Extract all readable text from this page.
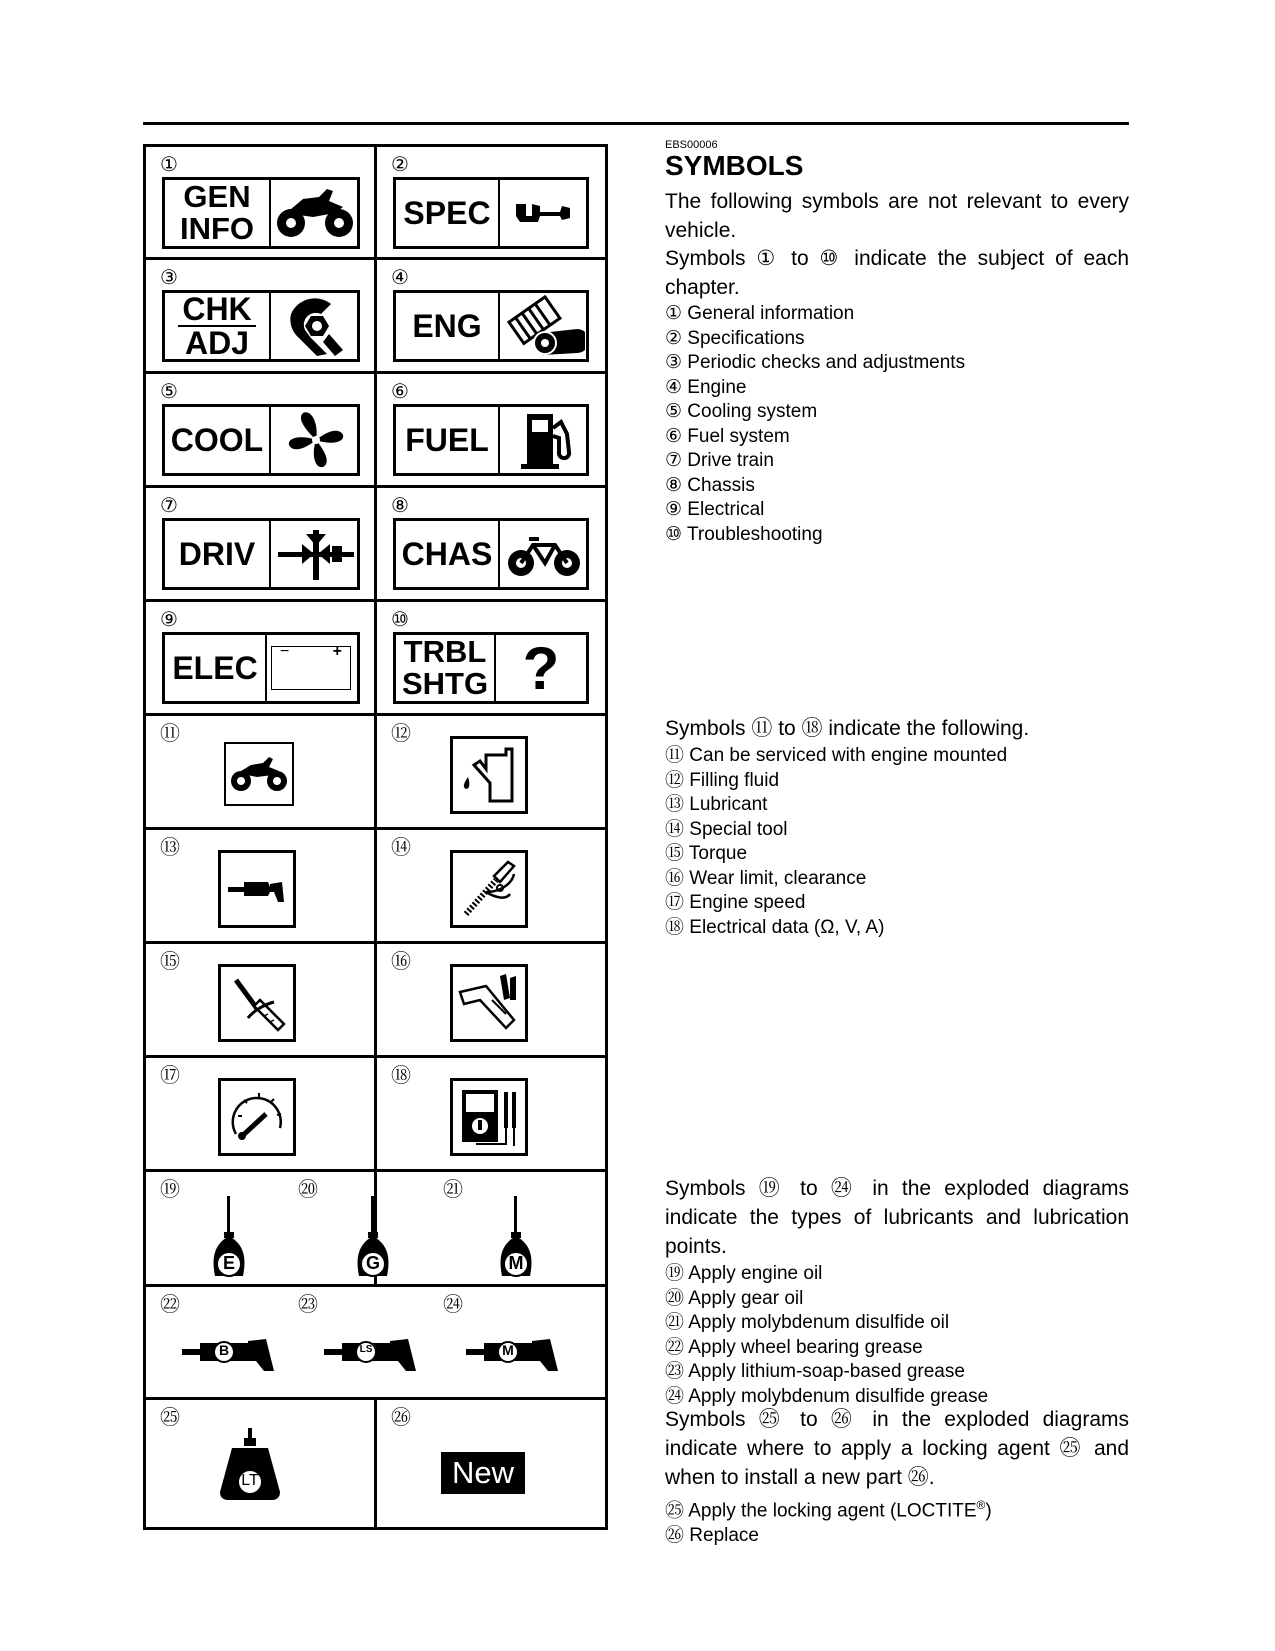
①
GEN
INFO
②
SPEC
③
CHK
ADJ
④
ENG
⑤
COOL
⑥
FUEL
⑦
DRIV
⑧
CHAS
⑨
ELEC −	+
⑩
TRBL
SHTG ?
⑪	⑫
⑬	⑭
⑮	⑯
⑰	⑱
⑲	⑳	㉑
E	G	M
㉒	㉓	㉔
B	LS	M
㉕
LT
㉖
New
EBS00006
SYMBOLS
The following symbols are not relevant to every vehicle.
Symbols ① to ⑩ indicate the subject of each chapter.
① General information
② Specifications
③ Periodic checks and adjustments
④ Engine
⑤ Cooling system
⑥ Fuel system
⑦ Drive train
⑧ Chassis
⑨ Electrical
⑩ Troubleshooting
Symbols ⑪ to ⑱ indicate the following.
⑪ Can be serviced with engine mounted
⑫ Filling fluid
⑬ Lubricant
⑭ Special tool
⑮ Torque
⑯ Wear limit, clearance
⑰ Engine speed
⑱ Electrical data (Ω, V, A)
Symbols ⑲ to ㉔ in the exploded diagrams indicate the types of lubricants and lubrication points.
⑲ Apply engine oil
⑳ Apply gear oil
㉑ Apply molybdenum disulfide oil
㉒ Apply wheel bearing grease
㉓ Apply lithium-soap-based grease
㉔ Apply molybdenum disulfide grease
Symbols ㉕ to ㉖ in the exploded diagrams indicate where to apply a locking agent ㉕ and when to install a new part ㉖.
㉕ Apply the locking agent (LOCTITE®)
㉖ Replace
